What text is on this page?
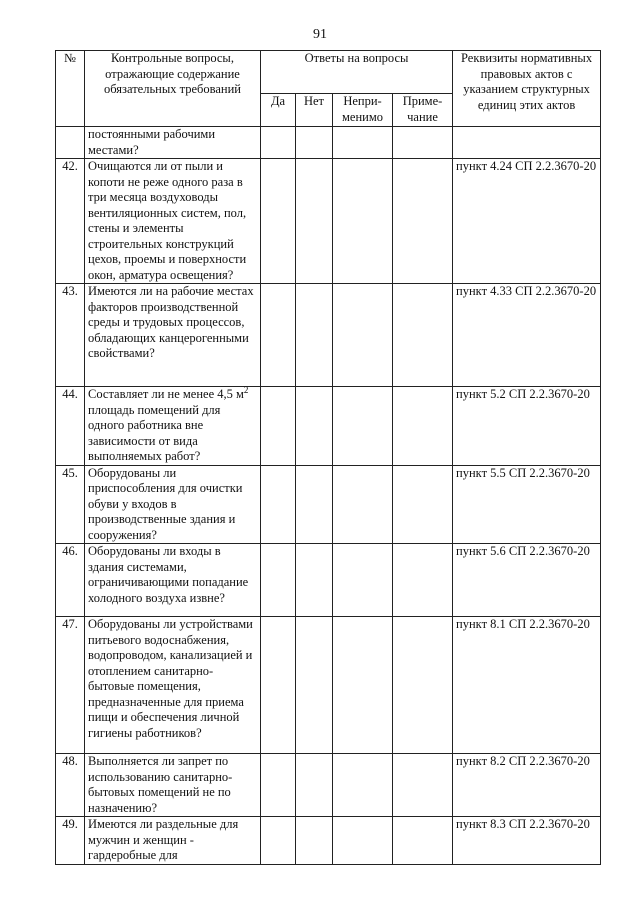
91
№	Контрольные вопросы, отражающие содержание обязательных требований	Ответы на вопросы				Реквизиты нормативных правовых актов с указанием структурных единиц этих актов
		Да	Нет	Непри-менимо	Приме-чание	
	постоянными рабочими местами?					
42.	Очищаются ли от пыли и копоти не реже одного раза в три месяца воздуховоды вентиляционных систем, пол, стены и элементы строительных конструкций цехов, проемы и поверхности окон, арматура освещения?					пункт 4.24 СП 2.2.3670-20
43.	Имеются ли на рабочие местах факторов производственной среды и трудовых процессов, обладающих канцерогенными свойствами?					пункт 4.33 СП 2.2.3670-20
44.	Составляет ли не менее 4,5 $м^2$ площадь помещений для одного работника вне зависимости от вида выполняемых работ?					пункт 5.2 СП 2.2.3670-20
45.	Оборудованы ли приспособления для очистки обуви у входов в производственные здания и сооружения?					пункт 5.5 СП 2.2.3670-20
46.	Оборудованы ли входы в здания системами, ограничивающими попадание холодного воздуха извне?					пункт 5.6 СП 2.2.3670-20
47.	Оборудованы ли устройствами питьевого водоснабжения, водопроводом, канализацией и отоплением санитарно-бытовые помещения, предназначенные для приема пищи и обеспечения личной гигиены работников?					пункт 8.1 СП 2.2.3670-20
48.	Выполняется ли запрет по использованию санитарно-бытовых помещений не по назначению?					пункт 8.2 СП 2.2.3670-20
49.	Имеются ли раздельные для мужчин и женщин - гардеробные для					пункт 8.3 СП 2.2.3670-20
